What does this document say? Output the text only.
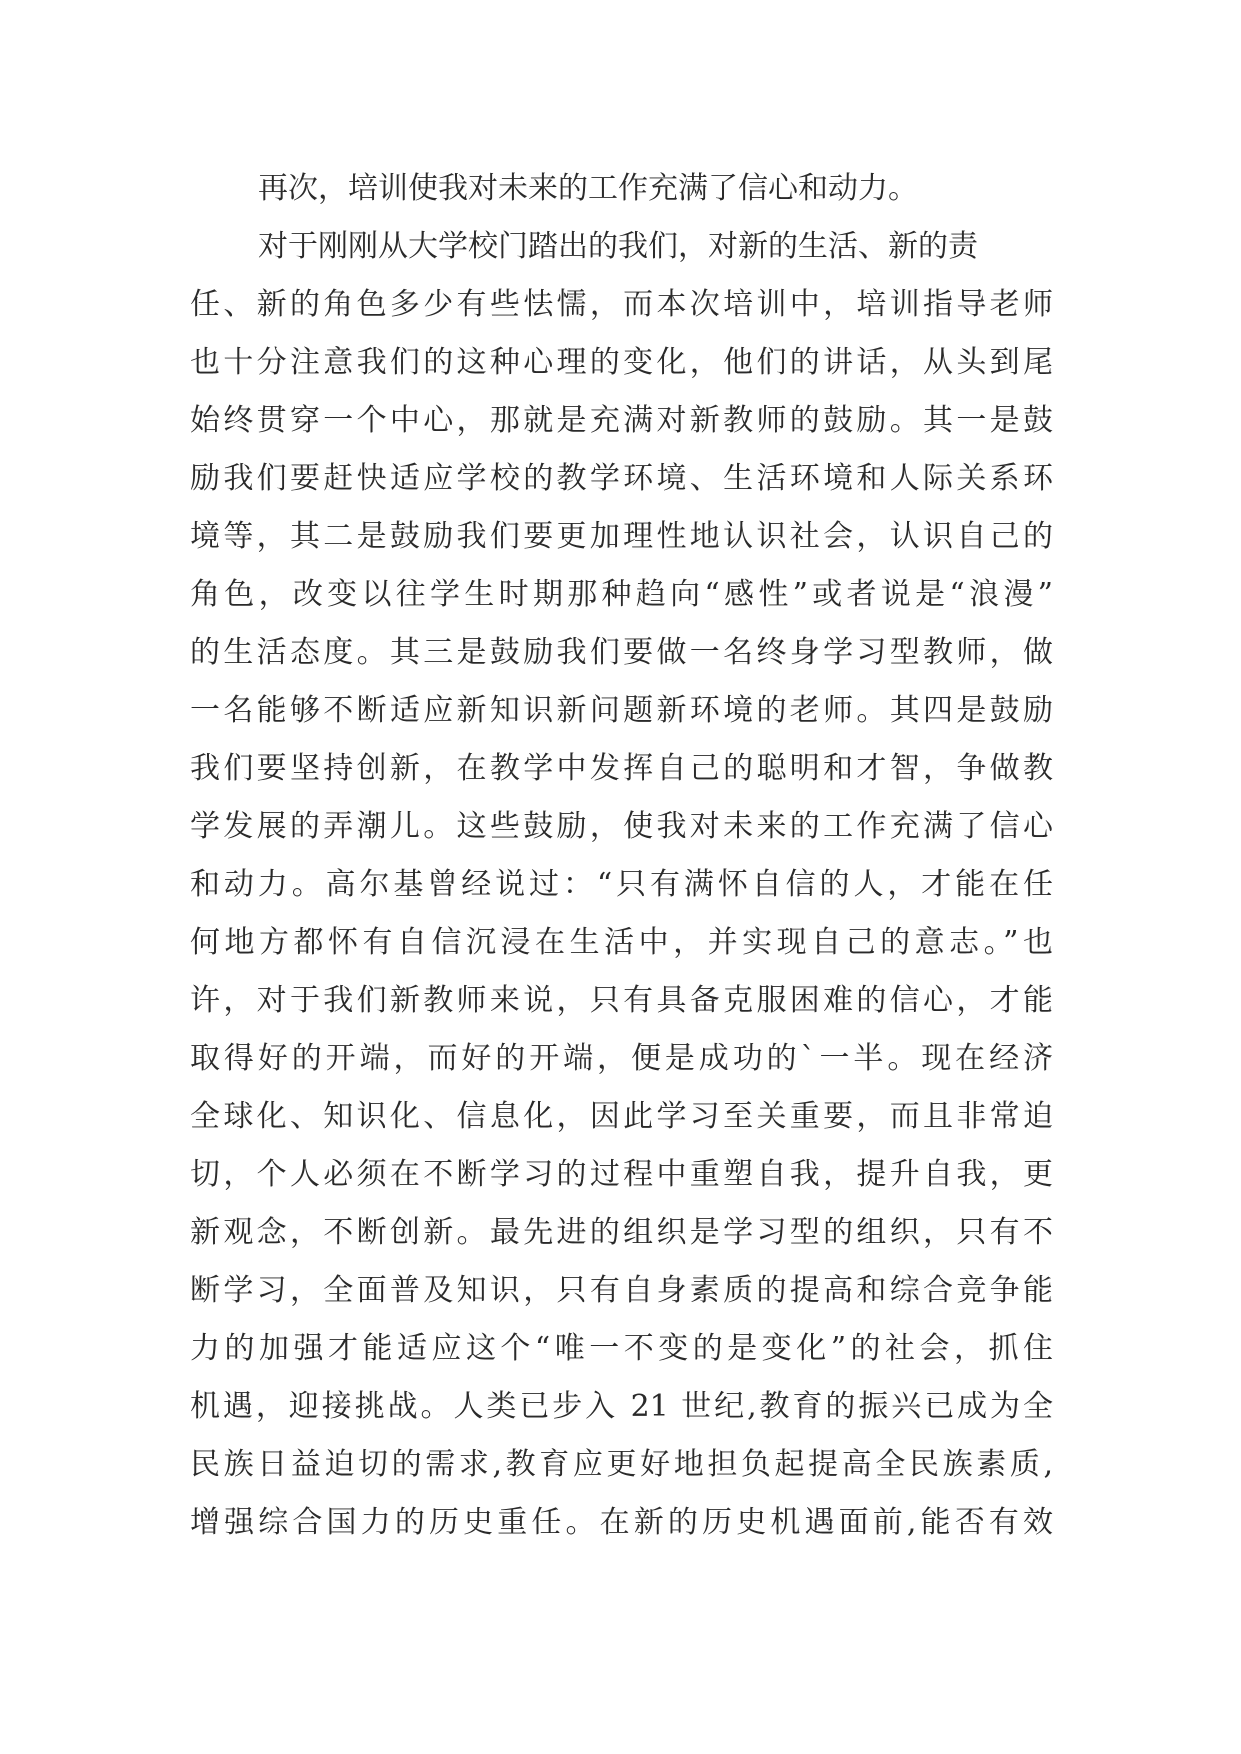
再次，培训使我对未来的工作充满了信心和动力。
对于刚刚从大学校门踏出的我们，对新的生活、新的责
任、新的角色多少有些怯懦，而本次培训中，培训指导老师
也十分注意我们的这种心理的变化，他们的讲话，从头到尾
始终贯穿一个中心，那就是充满对新教师的鼓励。其一是鼓
励我们要赶快适应学校的教学环境、生活环境和人际关系环
境等，其二是鼓励我们要更加理性地认识社会，认识自己的
角色，改变以往学生时期那种趋向“感性”或者说是“浪漫”
的生活态度。其三是鼓励我们要做一名终身学习型教师，做
一名能够不断适应新知识新问题新环境的老师。其四是鼓励
我们要坚持创新，在教学中发挥自己的聪明和才智，争做教
学发展的弄潮儿。这些鼓励，使我对未来的工作充满了信心
和动力。高尔基曾经说过：“只有满怀自信的人，才能在任
何地方都怀有自信沉浸在生活中，并实现自己的意志。”也
许，对于我们新教师来说，只有具备克服困难的信心，才能
取得好的开端，而好的开端，便是成功的`一半。现在经济
全球化、知识化、信息化，因此学习至关重要，而且非常迫
切，个人必须在不断学习的过程中重塑自我，提升自我，更
新观念，不断创新。最先进的组织是学习型的组织，只有不
断学习，全面普及知识，只有自身素质的提高和综合竞争能
力的加强才能适应这个“唯一不变的是变化”的社会，抓住
机遇，迎接挑战。人类已步入 21 世纪,教育的振兴已成为全
民族日益迫切的需求,教育应更好地担负起提高全民族素质,
增强综合国力的历史重任。在新的历史机遇面前,能否有效
